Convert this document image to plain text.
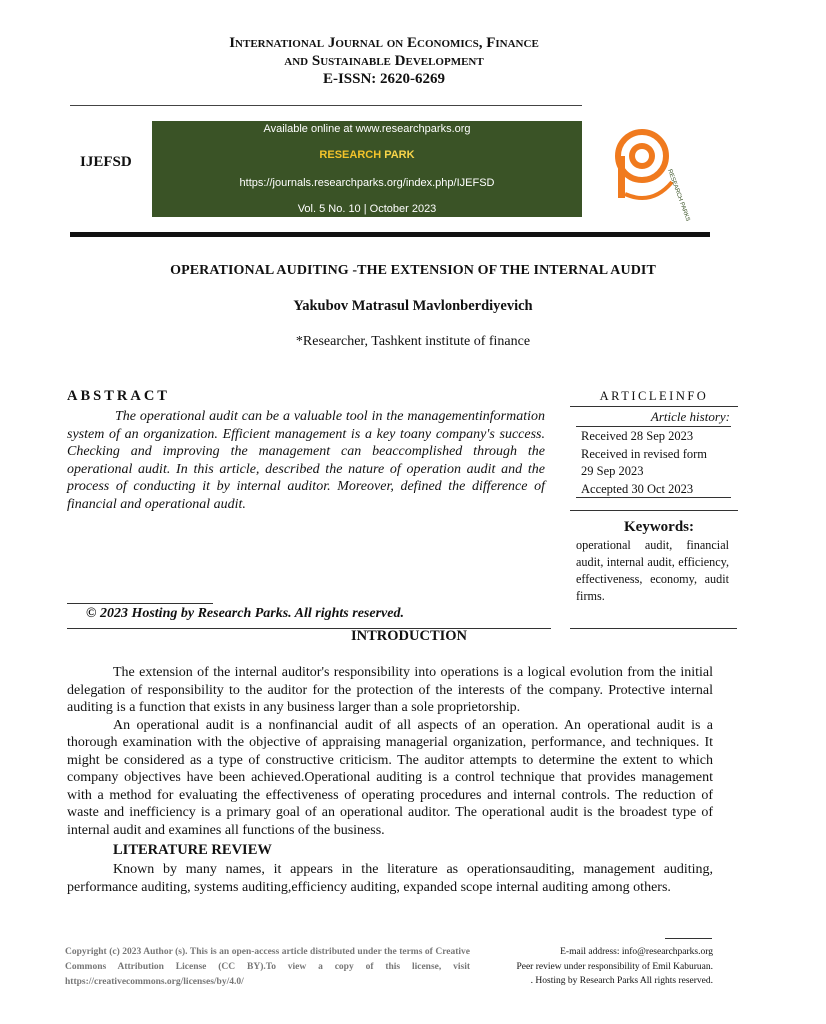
International Journal on Economics, Finance
and Sustainable Development
E-ISSN: 2620-6269
IJEFSD
Available online at www.researchparks.org
RESEARCH PARK
https://journals.researchparks.org/index.php/IJEFSD
Vol. 5 No. 10 | October 2023	RESEARCH PARKS
OPERATIONAL AUDITING -THE EXTENSION OF THE INTERNAL AUDIT
Yakubov Matrasul Mavlonberdiyevich
*Researcher, Tashkent institute of finance
ABSTRACT
The operational audit can be a valuable tool in the managementinformation system of an organization. Efficient management is a key toany company's success. Checking and improving the management can beaccomplished through the operational audit. In this article, described the nature of operation audit and the process of conducting it by internal auditor. Moreover, defined the difference of financial and operational audit.
ARTICLEINFO
Article history:
Received 28 Sep 2023
Received in revised form
29 Sep 2023
Accepted 30 Oct 2023
Keywords:
operational audit, financial audit, internal audit, efficiency, effectiveness, economy, audit firms.
© 2023 Hosting by Research Parks. All rights reserved.
INTRODUCTION

The extension of the internal auditor's responsibility into operations is a logical evolution from the initial delegation of responsibility to the auditor for the protection of the interests of the company. Protective internal auditing is a function that exists in any business larger than a sole proprietorship.

An operational audit is a nonfinancial audit of all aspects of an operation. An operational audit is a thorough examination with the objective of appraising managerial organization, performance, and techniques. It might be considered as a type of constructive criticism. The auditor attempts to determine the extent to which company objectives have been achieved.Operational auditing is a control technique that provides management with a method for evaluating the effectiveness of operating procedures and internal controls. The reduction of waste and inefficiency is a primary goal of an operational auditor. The operational audit is the broadest type of internal audit and examines all functions of the business.

LITERATURE REVIEW

Known by many names, it appears in the literature as operationsauditing, management auditing, performance auditing, systems auditing,efficiency auditing, expanded scope internal auditing among others.

Copyright (c) 2023 Author (s). This is an open-access article distributed under the terms of Creative Commons Attribution License (CC BY).To view a copy of this license, visit https://creativecommons.org/licenses/by/4.0/
E-mail address: info@researchparks.org
Peer review under responsibility of Emil Kaburuan.
. Hosting by Research Parks All rights reserved.
